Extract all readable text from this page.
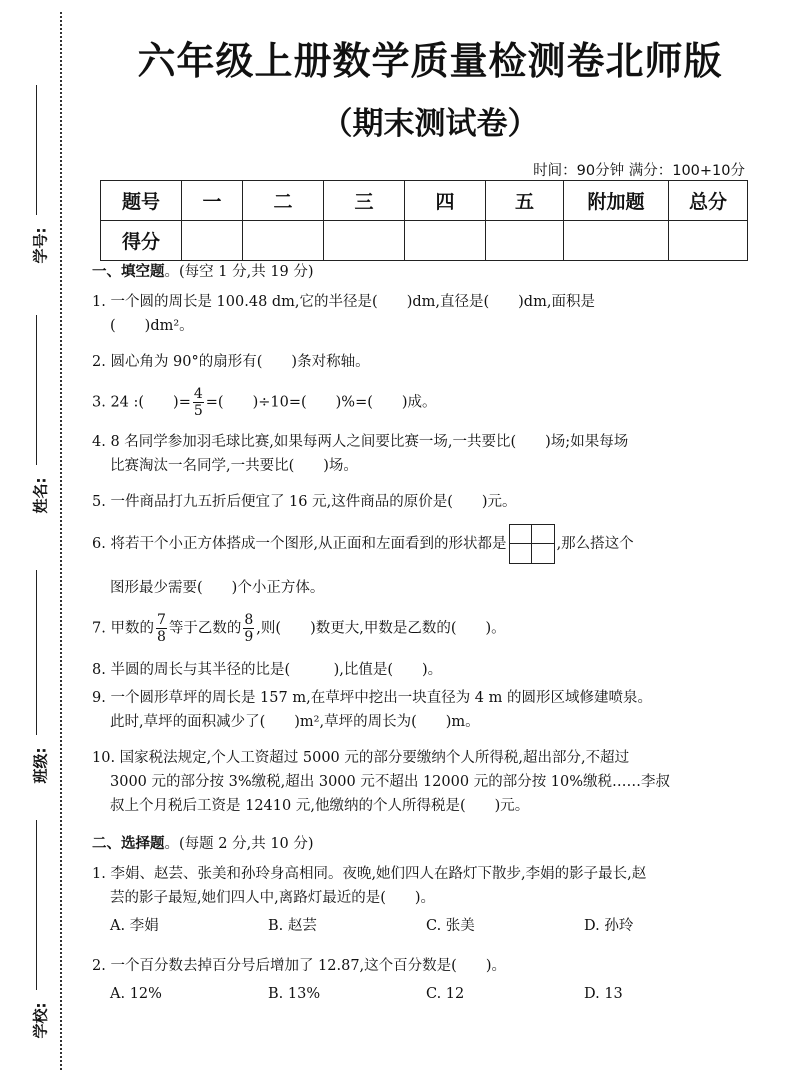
学号:
姓名:
班级:
学校:
六年级上册数学质量检测卷北师版
（期末测试卷）
时间：90分钟 满分：100+10分
题号	一	二	三	四	五	附加题	总分
得分							
一、填空题。(每空 1 分,共 19 分)
1. 一个圆的周长是 100.48 dm,它的半径是(　　)dm,直径是(　　)dm,面积是
(　　)dm²。
2. 圆心角为 90°的扇形有(　　)条对称轴。
3. 24 :(　　)= $\frac{4}{5}$ =(　　)÷10=(　　)%=(　　)成。
4. 8 名同学参加羽毛球比赛,如果每两人之间要比赛一场,一共要比(　　)场;如果每场
比赛淘汰一名同学,一共要比(　　)场。
5. 一件商品打九五折后便宜了 16 元,这件商品的原价是(　　)元。
6. 将若干个小正方体搭成一个图形,从正面和左面看到的形状都是	,那么搭这个
图形最少需要(　　)个小正方体。
7. 甲数的 $\frac{7}{8}$ 等于乙数的 $\frac{8}{9}$ ,则(　　)数更大,甲数是乙数的(　　)。
8. 半圆的周长与其半径的比是(　　　),比值是(　　)。
9. 一个圆形草坪的周长是 157 m,在草坪中挖出一块直径为 4 m 的圆形区域修建喷泉。
此时,草坪的面积减少了(　　)m²,草坪的周长为(　　)m。
10. 国家税法规定,个人工资超过 5000 元的部分要缴纳个人所得税,超出部分,不超过
3000 元的部分按 3%缴税,超出 3000 元不超出 12000 元的部分按 10%缴税……李叔
叔上个月税后工资是 12410 元,他缴纳的个人所得税是(　　)元。
二、选择题。(每题 2 分,共 10 分)
1. 李娟、赵芸、张美和孙玲身高相同。夜晚,她们四人在路灯下散步,李娟的影子最长,赵
芸的影子最短,她们四人中,离路灯最近的是(　　)。
A. 李娟	B. 赵芸	C. 张美	D. 孙玲
2. 一个百分数去掉百分号后增加了 12.87,这个百分数是(　　)。
A. 12%	B. 13%	C. 12	D. 13
